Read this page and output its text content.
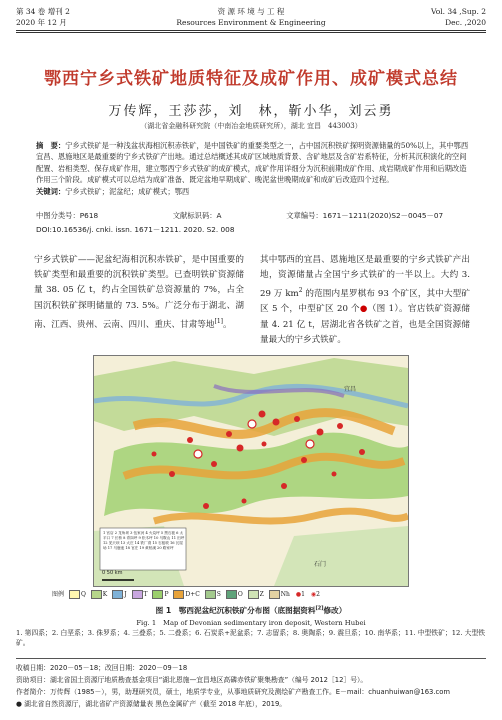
第 34 卷 增刊 2
2020 年 12 月
资 源 环 境 与 工 程
Resources Environment & Engineering
Vol. 34 ,Sup. 2
Dec. ,2020
鄂西宁乡式铁矿地质特征及成矿作用、成矿模式总结
万传辉，王莎莎，刘　林，靳小华，刘云勇
（湖北省金融科研究院（中南冶金地质研究所），湖北 宜昌　443003）
摘　要：宁乡式铁矿是一种浅盆状海相沉积赤铁矿，是中国铁矿的重要类型之一，占中国沉积铁矿探明资源储量的50%以上，其中鄂西宜昌、恩施地区是最重要的宁乡式铁矿产出地。通过总结概述其成矿区域地质背景、含矿地层及含矿岩系特征，分析其沉积演化的空间配置、岩相类型、保存成矿作用，建立鄂西宁乡式铁矿的成矿模式，成矿作用详细分为沉积前期成矿作用、成岩期成矿作用和后期改造作用三个阶段。成矿模式可以总结为成矿准备、既定盆地早期成矿、晚泥盆世晚期成矿和成矿后改造四个过程。
关键词：宁乡式铁矿；泥盆纪；成矿模式；鄂西
中图分类号：P618	文献标识码：A	文章编号：1671－1211(2020)S2－0045－07
DOI:10.16536/j. cnki. issn. 1671－1211. 2020. S2. 008
宁乡式铁矿——泥盆纪海相沉积赤铁矿，是中国重要的铁矿类型和最重要的沉积铁矿类型。已查明铁矿资源储量 38. 05 亿 t，约占全国铁矿总资源量的 7%，占全国沉积铁矿探明储量的 73. 5%。广泛分布于湖北、湖南、江西、贵州、云南、四川、重庆、甘肃等地[1]。
其中鄂西的宜昌、恩施地区是最重要的宁乡式铁矿产出地，资源储量占全国宁乡式铁矿的一半以上。大约 3. 29 万 $km^2$ 的范围内星罗棋布 93 个矿区，其中大型矿区 5 个，中型矿区 20 个●（图 1）。官店铁矿资源储量 4. 21 亿 t，居湖北省各铁矿之首，也是全国资源储量最大的宁乡式铁矿。
石门
宜昌
1 官店 2 龙角坝 3 伍家河 4 火烧坪 5 黑石板 6 太平口 7 长桥 8 青岗坪 9 松木坪 10 马鞍山 11 田坪 12 见天坝 13 大庄 14 铁厂湾 15 石板坡 16 瓦屋场 17 马鹿池 18 官庄 19 黄柏溪 20 路家坪
0 50 km
图例	Q	K	J	T	P	D+C	S	O	Z	Nh ●1 ◉2
图 1　鄂西泥盆纪沉积铁矿分布图（底图据资料[2]修改）
Fig. 1　Map of Devonian sedimentary iron deposit, Western Hubei
1. 第四系；2. 白垩系；3. 侏罗系；4. 三叠系；5. 二叠系；6. 石炭系+泥盆系；7. 志留系；8. 奥陶系；9. 震旦系；10. 南华系；11. 中型铁矿；12. 大型铁矿。
收稿日期：2020－05－18；改回日期：2020－09－18
资助项目：湖北省国土资源厅地质勘查基金项目“湖北恩施—宜昌地区高磷赤铁矿聚集勘查”（编号 2012［12］号）。
作者简介：万传辉（1985－），男，助理研究员，硕士，地质学专业，从事地质研究及测绘矿产勘查工作。E－mail：chuanhuiwan@163.com
● 湖北省自然资源厅，湖北省矿产资源储量表 黑色金属矿产（截至 2018 年底），2019。
